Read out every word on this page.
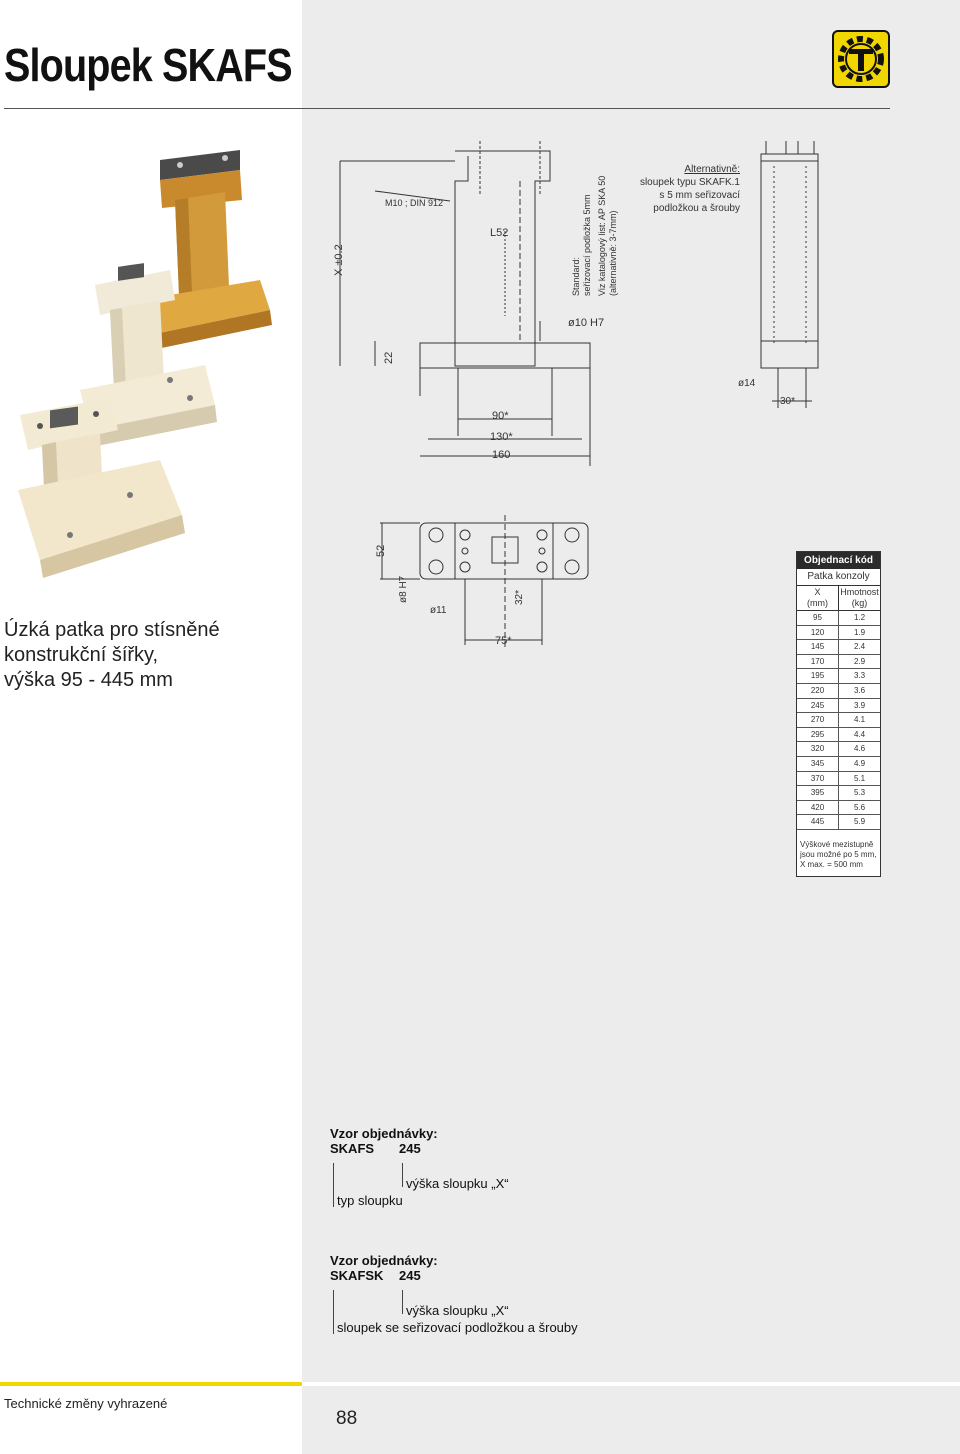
Sloupek SKAFS
Úzká patka pro stísněné
konstrukční šířky,
výška 95 - 445 mm
M10 ; DIN 912
X ±0.2
L52
ø10 H7
22
90*
130*
160
Standard: seřizovací podložka 5mm Viz katalogový list: AP SKA 50 (alternativně: 3-7mm)
Alternativně:
sloupek typu SKAFK.1
s 5 mm seřizovací
podložkou a šrouby
ø14
30*
52
ø8 H7
ø11
32*
75*
Objednací kód
Patka konzoly
X
(mm)
Hmotnost
(kg)
95	1.2
120	1.9
145	2.4
170	2.9
195	3.3
220	3.6
245	3.9
270	4.1
295	4.4
320	4.6
345	4.9
370	5.1
395	5.3
420	5.6
445	5.9
Výškové mezistupně
jsou možné po 5 mm,
X max. = 500 mm
Vzor objednávky:
SKAFS 245
výška sloupku „X“
typ sloupku
Vzor objednávky:
SKAFSK 245
výška sloupku „X“
sloupek se seřizovací podložkou a šrouby
Technické změny vyhrazené
88
